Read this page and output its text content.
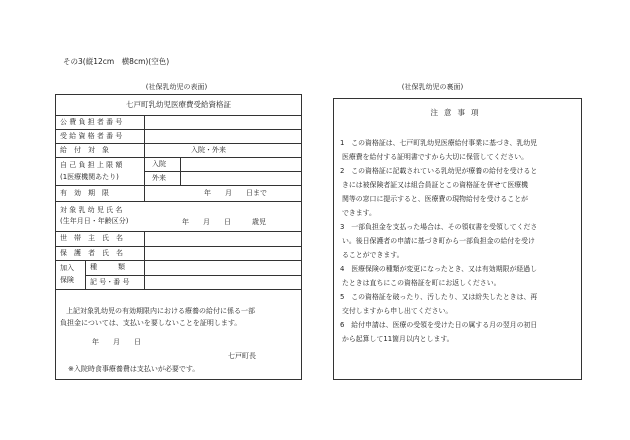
その3(縦12cm　横8cm)(空色)
(社保乳幼児の表面)	(社保乳幼児の裏面)
七戸町乳幼児医療費受給資格証
公 費 負 担 者 番 号
受 給 資 格 者 番 号
給　付　対　象	入院・外来
自 己 負 担 上 限 額
(1医療機関あたり)
入院
外来
有　効　期　限	年　　月　　日まで
対 象 乳 幼 児 氏 名
(生年月日・年齢区分)	年　　月　　日　　　歳児
世　帯　主　氏　名
保　護　者　氏　名
加入
保険
種　　　類
記 号・番 号
上記対象乳幼児の有効期限内における療養の給付に係る一部
負担金については、支払いを要しないことを証明します。
年　　月　　日
七戸町長
※入院時食事療養費は支払いが必要です。
注意事項
1　この資格証は、七戸町乳幼児医療給付事業に基づき、乳幼児
医療費を給付する証明書ですから大切に保管してください。
2　この資格証に記載されている乳幼児が療養の給付を受けると
きには被保険者証又は組合員証とこの資格証を併せて医療機
関等の窓口に提示すると、医療費の現物給付を受けることが
できます。
3　一部負担金を支払った場合は、その領収書を受領してくださ
い。後日保護者の申請に基づき町から一部負担金の給付を受け
ることができます。
4　医療保険の種類が変更になったとき、又は有効期限が経過し
たときは直ちにこの資格証を町にお返しください。
5　この資格証を破ったり、汚したり、又は紛失したときは、再
交付しますから申し出てください。
6　給付申請は、医療の受領を受けた日の属する月の翌月の初日
から起算して11箇月以内とします。
